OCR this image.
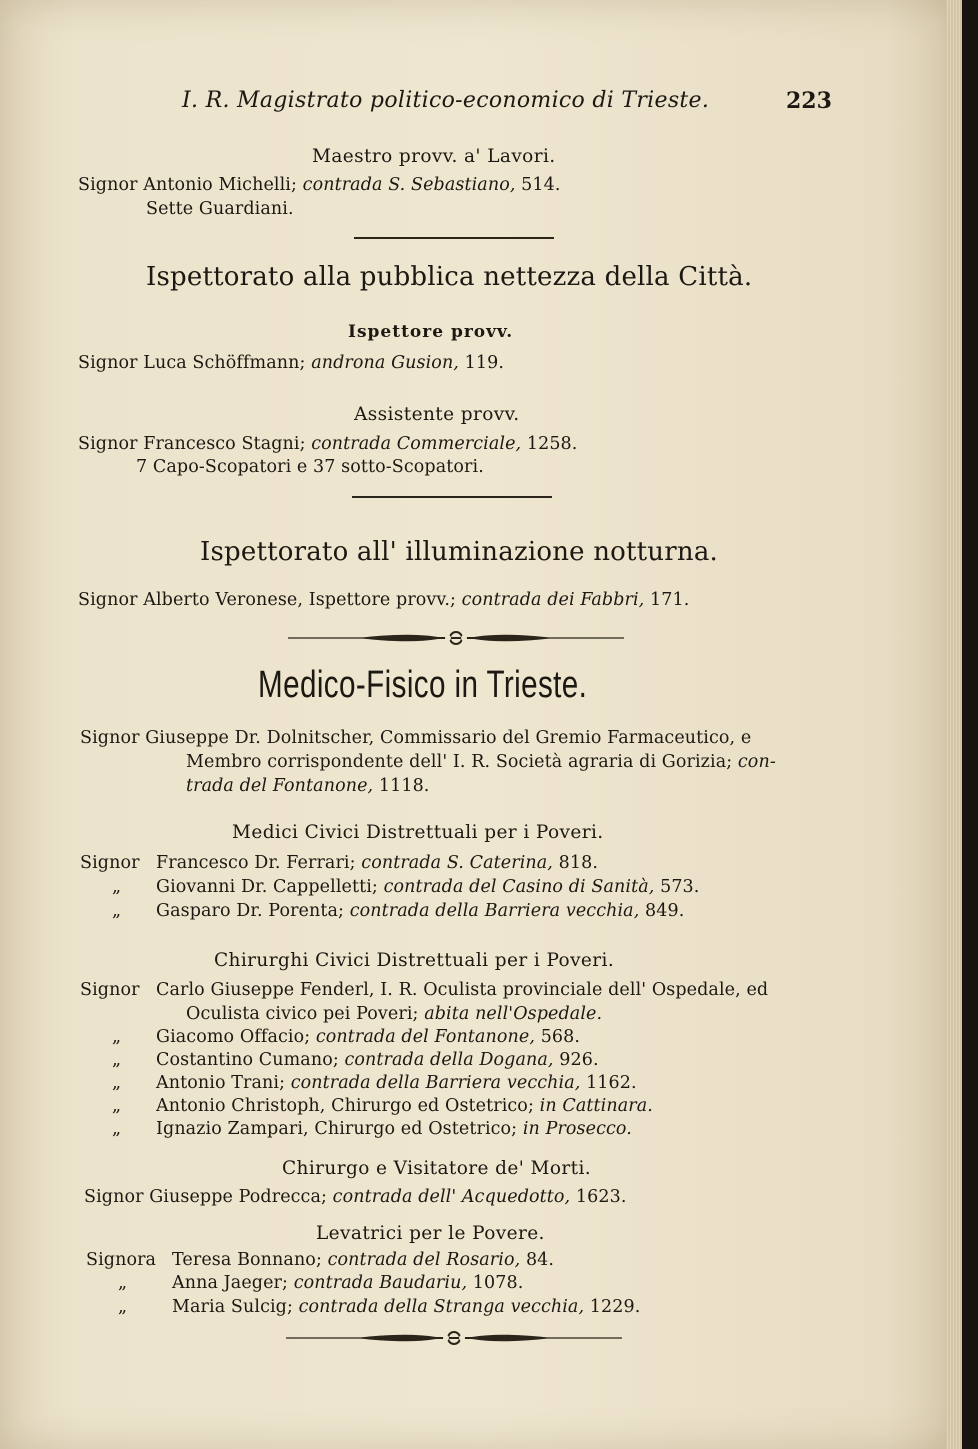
I. R. Magistrato politico-economico di Trieste.	223
Maestro provv. a' Lavori.
Signor Antonio Michelli; contrada S. Sebastiano, 514.
Sette Guardiani.
Ispettorato alla pubblica nettezza della Città.
Ispettore provv.
Signor Luca Schöffmann; androna Gusion, 119.
Assistente provv.
Signor Francesco Stagni; contrada Commerciale, 1258.
7 Capo-Scopatori e 37 sotto-Scopatori.
Ispettorato all' illuminazione notturna.
Signor Alberto Veronese, Ispettore provv.; contrada dei Fabbri, 171.
Medico-Fisico in Trieste.
Signor Giuseppe Dr. Dolnitscher, Commissario del Gremio Farmaceutico, e
Membro corrispondente dell' I. R. Società agraria di Gorizia; con-
trada del Fontanone, 1118.
Medici Civici Distrettuali per i Poveri.
Signor Francesco Dr. Ferrari; contrada S. Caterina, 818.
„ Giovanni Dr. Cappelletti; contrada del Casino di Sanità, 573.
„ Gasparo Dr. Porenta; contrada della Barriera vecchia, 849.
Chirurghi Civici Distrettuali per i Poveri.
Signor Carlo Giuseppe Fenderl, I. R. Oculista provinciale dell' Ospedale, ed
Oculista civico pei Poveri; abita nell'Ospedale.
„ Giacomo Offacio; contrada del Fontanone, 568.
„ Costantino Cumano; contrada della Dogana, 926.
„ Antonio Trani; contrada della Barriera vecchia, 1162.
„ Antonio Christoph, Chirurgo ed Ostetrico; in Cattinara.
„ Ignazio Zampari, Chirurgo ed Ostetrico; in Prosecco.
Chirurgo e Visitatore de' Morti.
Signor Giuseppe Podrecca; contrada dell' Acquedotto, 1623.
Levatrici per le Povere.
Signora Teresa Bonnano; contrada del Rosario, 84.
„	Anna Jaeger; contrada Baudariu, 1078.
„	Maria Sulcig; contrada della Stranga vecchia, 1229.
